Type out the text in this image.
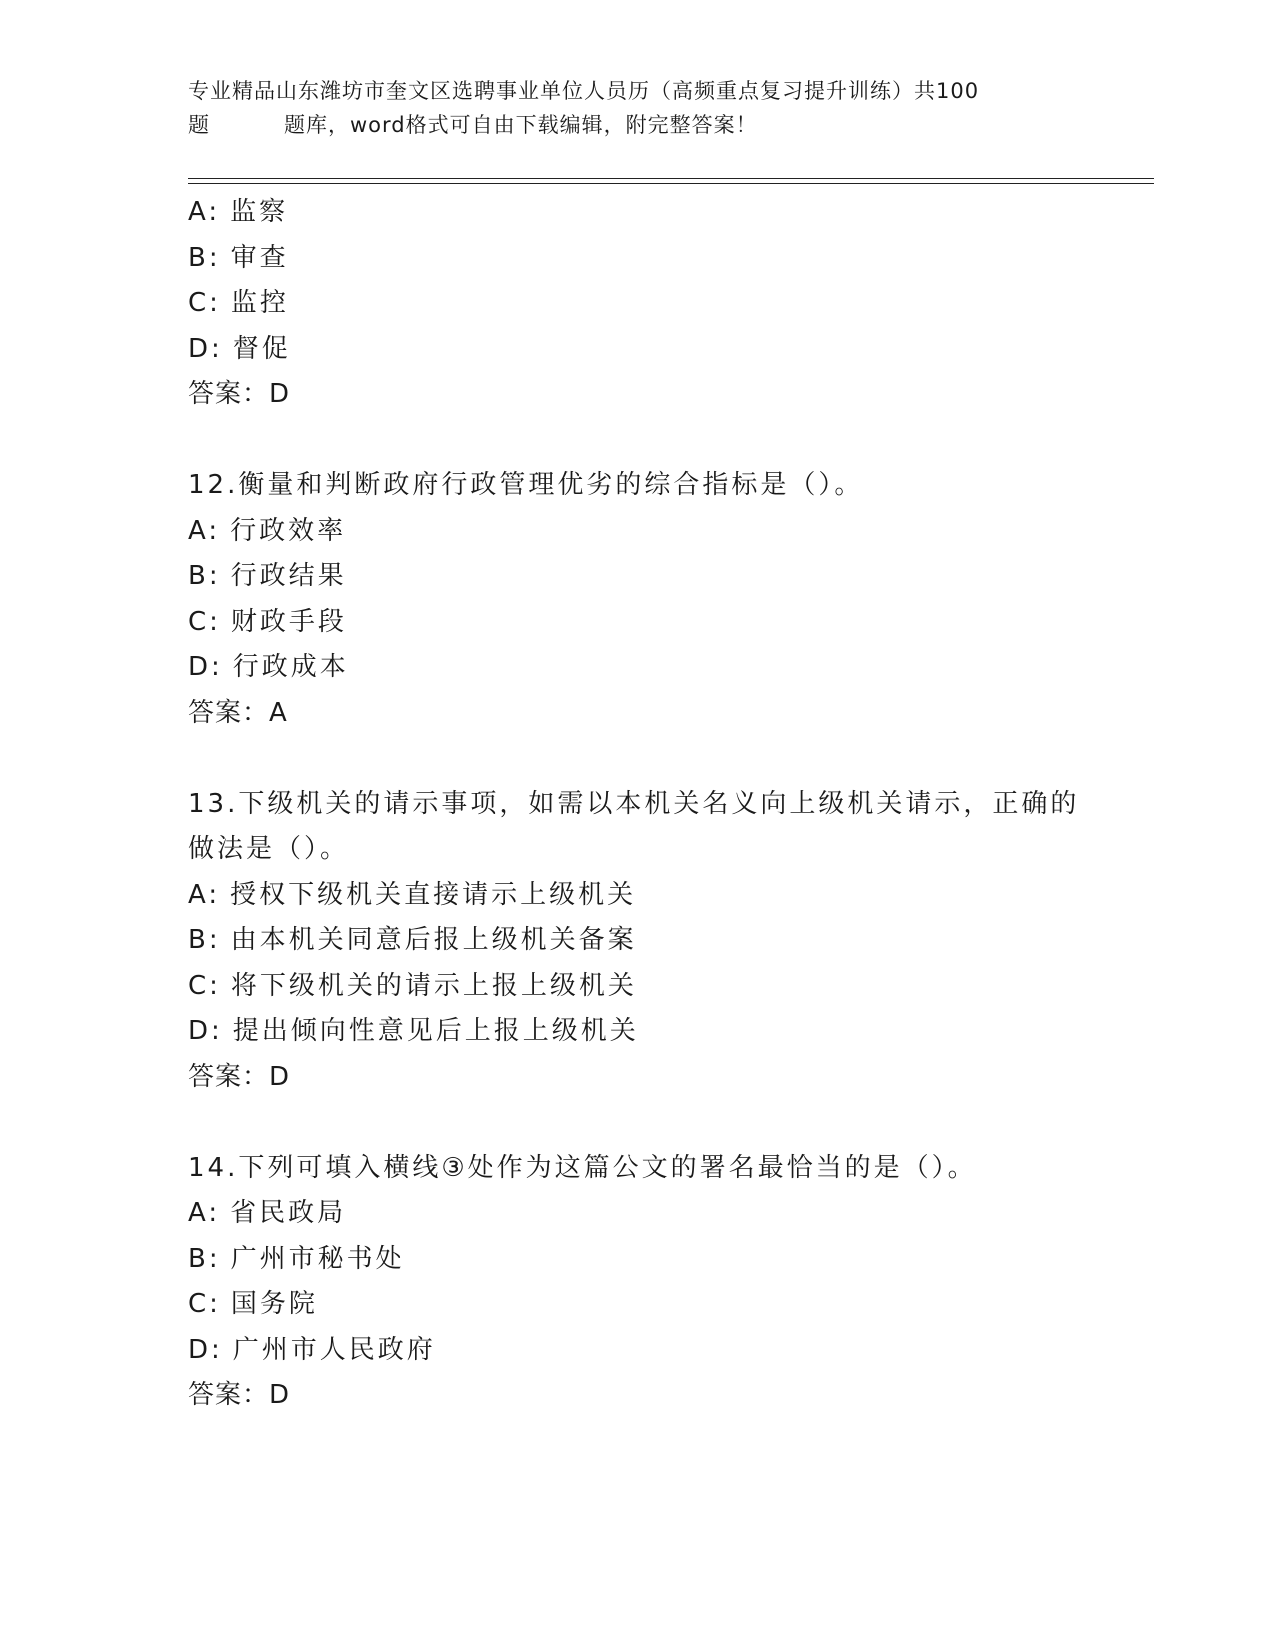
专业精品山东潍坊市奎文区选聘事业单位人员历（高频重点复习提升训练）共100
题	题库，word格式可自由下载编辑，附完整答案！
A: 监察
B: 审查
C: 监控
D: 督促
答案：D
12.衡量和判断政府行政管理优劣的综合指标是（）。
A: 行政效率
B: 行政结果
C: 财政手段
D: 行政成本
答案：A
13.下级机关的请示事项，如需以本机关名义向上级机关请示，正确的
做法是（）。
A: 授权下级机关直接请示上级机关
B: 由本机关同意后报上级机关备案
C: 将下级机关的请示上报上级机关
D: 提出倾向性意见后上报上级机关
答案：D
14.下列可填入横线③处作为这篇公文的署名最恰当的是（）。
A: 省民政局
B: 广州市秘书处
C: 国务院
D: 广州市人民政府
答案：D
